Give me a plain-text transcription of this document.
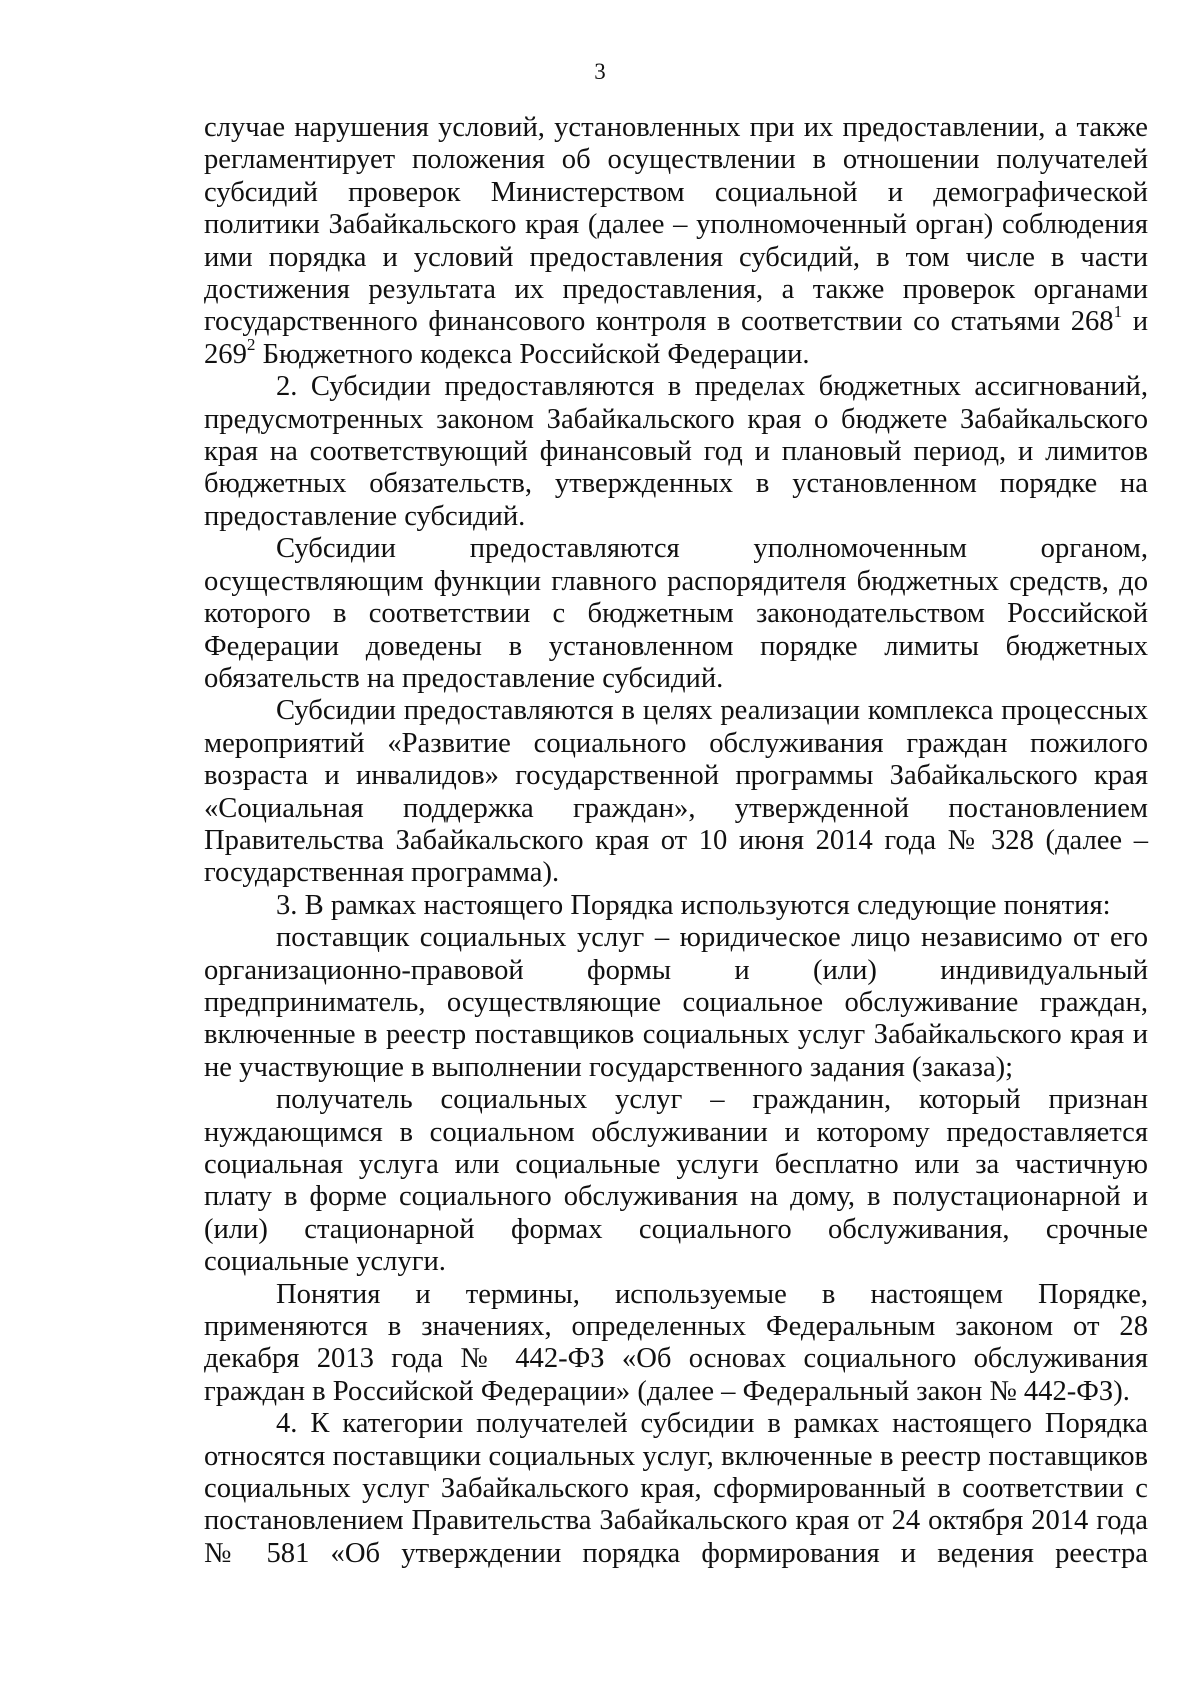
3

случае нарушения условий, установленных при их предоставлении, а также регламентирует положения об осуществлении в отношении получателей субсидий проверок Министерством социальной и демографической политики Забайкальского края (далее – уполномоченный орган) соблюдения ими порядка и условий предоставления субсидий, в том числе в части достижения результата их предоставления, а также проверок органами государственного финансового контроля в соответствии со статьями $268^1$ и $269^2$ Бюджетного кодекса Российской Федерации.

2. Субсидии предоставляются в пределах бюджетных ассигнований, предусмотренных законом Забайкальского края о бюджете Забайкальского края на соответствующий финансовый год и плановый период, и лимитов бюджетных обязательств, утвержденных в установленном порядке на предоставление субсидий.

Субсидии предоставляются уполномоченным органом, осуществляющим функции главного распорядителя бюджетных средств, до которого в соответствии с бюджетным законодательством Российской Федерации доведены в установленном порядке лимиты бюджетных обязательств на предоставление субсидий.

Субсидии предоставляются в целях реализации комплекса процессных мероприятий «Развитие социального обслуживания граждан пожилого возраста и инвалидов» государственной программы Забайкальского края «Социальная поддержка граждан», утвержденной постановлением Правительства Забайкальского края от 10 июня 2014 года № 328 (далее – государственная программа).

3. В рамках настоящего Порядка используются следующие понятия:

поставщик социальных услуг – юридическое лицо независимо от его организационно-правовой формы и (или) индивидуальный предприниматель, осуществляющие социальное обслуживание граждан, включенные в реестр поставщиков социальных услуг Забайкальского края и не участвующие в выполнении государственного задания (заказа);

получатель социальных услуг – гражданин, который признан нуждающимся в социальном обслуживании и которому предоставляется социальная услуга или социальные услуги бесплатно или за частичную плату в форме социального обслуживания на дому, в полустационарной и (или) стационарной формах социального обслуживания, срочные социальные услуги.

Понятия и термины, используемые в настоящем Порядке, применяются в значениях, определенных Федеральным законом от 28 декабря 2013 года № 442-ФЗ «Об основах социального обслуживания граждан в Российской Федерации» (далее – Федеральный закон № 442-ФЗ).

4. К категории получателей субсидии в рамках настоящего Порядка относятся поставщики социальных услуг, включенные в реестр поставщиков социальных услуг Забайкальского края, сформированный в соответствии с постановлением Правительства Забайкальского края от 24 октября 2014 года № 581 «Об утверждении порядка формирования и ведения реестра
